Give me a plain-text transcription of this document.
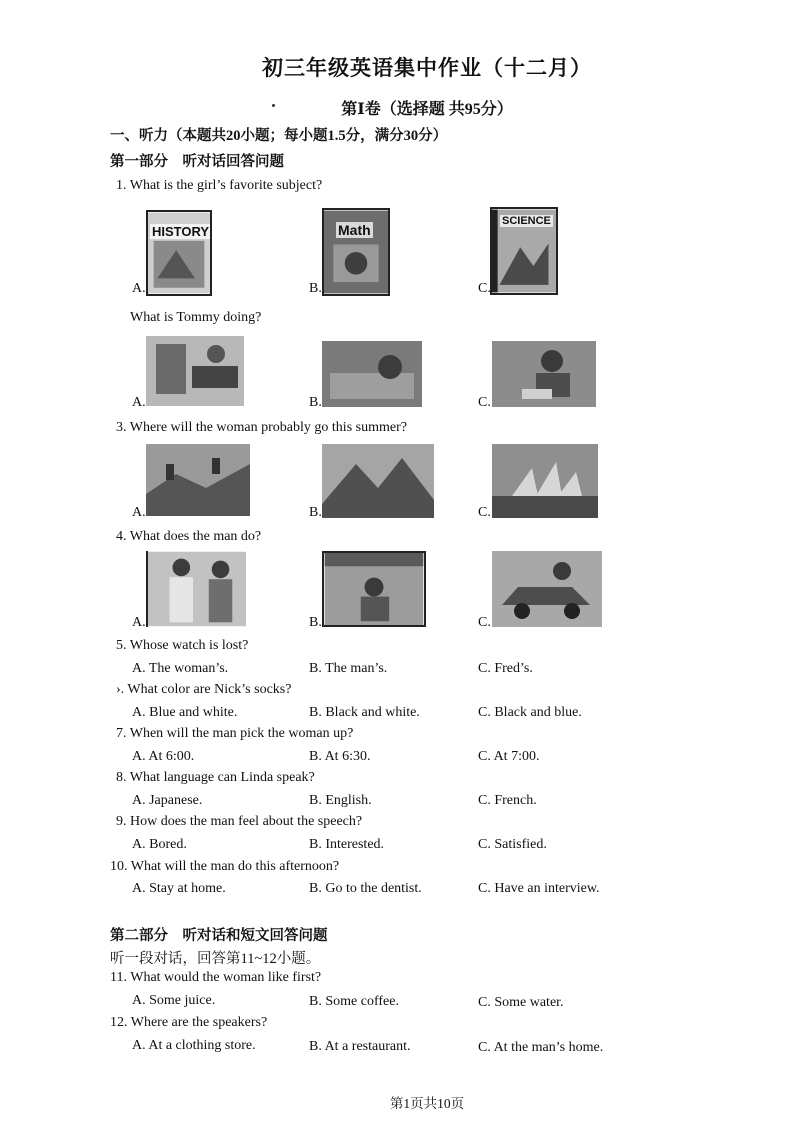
初三年级英语集中作业（十二月）
第Ⅰ卷（选择题 共95分）
一、听力（本题共20小题；每小题1.5分，满分30分）
第一部分　听对话回答问题
1. What is the girl’s favorite subject?
A.
HISTORY
B.
Math
C.
SCIENCE
What is Tommy doing?
A.	B.	C.
3. Where will the woman probably go this summer?
A.	B.	C.
4. What does the man do?
A.	B.	C.
5. Whose watch is lost?
A. The woman’s.	B. The man’s.	C. Fred’s.
›. What color are Nick’s socks?
A. Blue and white.	B. Black and white.	C. Black and blue.
7. When will the man pick the woman up?
A. At 6:00.	B. At 6:30.	C. At 7:00.
8. What language can Linda speak?
A. Japanese.	B. English.	C. French.
9. How does the man feel about the speech?
A. Bored.	B. Interested.	C. Satisfied.
10. What will the man do this afternoon?
A. Stay at home.	B. Go to the dentist.	C. Have an interview.
第二部分　听对话和短文回答问题
听一段对话，回答第11~12小题。
11. What would the woman like first?
A. Some juice.	B. Some coffee.	C. Some water.
12. Where are the speakers?
A. At a clothing store.	B. At a restaurant.	C. At the man’s home.
第1页共10页
